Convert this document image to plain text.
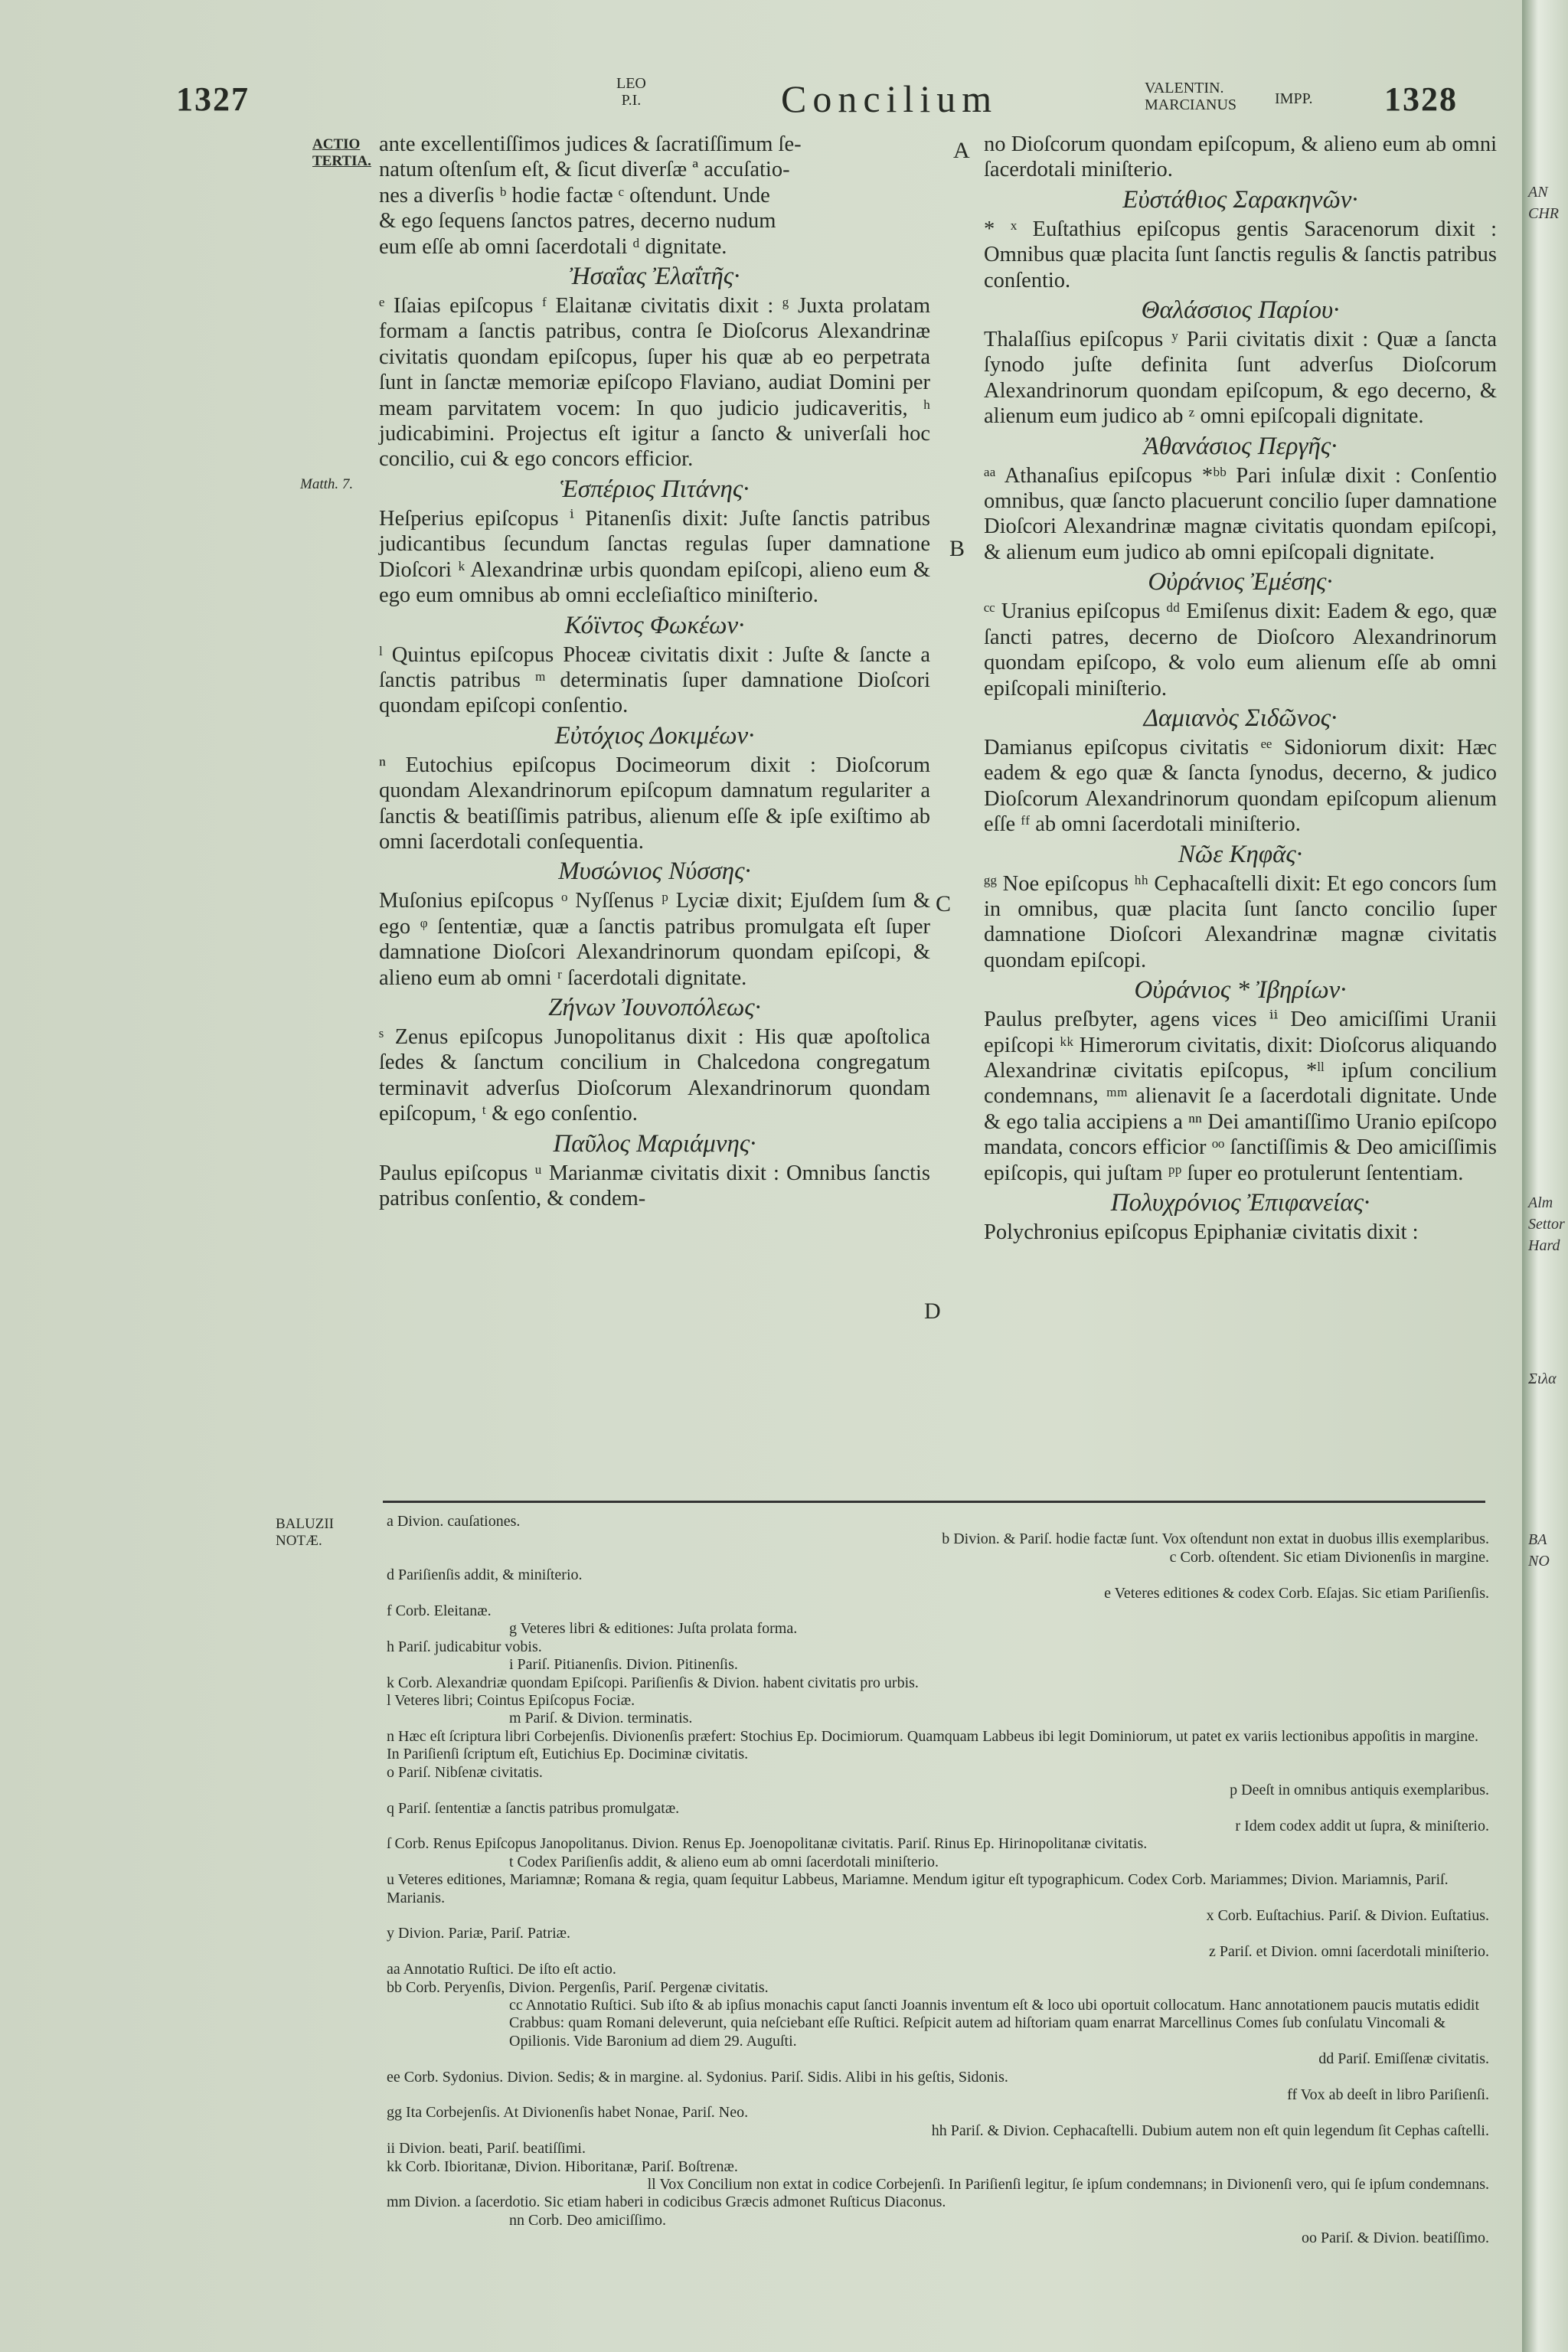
1327	LEO
P.I.	Concilium	VALENTIN.
MARCIANUS IMPP. 1328
ACTIO
TERTIA.
Matth. 7.
A
B
C
D

ante excellentiſſimos judices & ſacratiſſimum ſe-

natum oſtenſum eſt, & ſicut diverſæ ª accuſatio-

nes a diverſis ᵇ hodie factæ ᶜ oſtendunt. Unde

& ego ſequens ſanctos patres, decerno nudum

eum eſſe ab omni ſacerdotali ᵈ dignitate.

Ἠσαΐας Ἐλαΐτῆς·

ᵉ Iſaias epiſcopus ᶠ Elaitanæ civitatis dixit : ᵍ Juxta prolatam formam a ſanctis patribus, contra ſe Dioſcorus Alexandrinæ civitatis quondam epiſcopus, ſuper his quæ ab eo perpetrata ſunt in ſanctæ memoriæ epiſcopo Flaviano, audiat Domini per meam parvitatem vocem: In quo judicio judicaveritis, ʰ judicabimini. Projectus eſt igitur a ſancto & univerſali hoc concilio, cui & ego concors efficior.

Ἑσπέριος Πιτάνης·

Heſperius epiſcopus ⁱ Pitanenſis dixit: Juſte ſanctis patribus judicantibus ſecundum ſanctas regulas ſuper damnatione Dioſcori ᵏ Alexandrinæ urbis quondam epiſcopi, alieno eum & ego eum omnibus ab omni eccleſiaſtico miniſterio.

Κόϊντος Φωκέων·

ˡ Quintus epiſcopus Phoceæ civitatis dixit : Juſte & ſancte a ſanctis patribus ᵐ determinatis ſuper damnatione Dioſcori quondam epiſcopi conſentio.

Εὐτόχιος Δοκιμέων·

ⁿ Eutochius epiſcopus Docimeorum dixit : Dioſcorum quondam Alexandrinorum epiſcopum damnatum regulariter a ſanctis & beatiſſimis patribus, alienum eſſe & ipſe exiſtimo ab omni ſacerdotali conſequentia.

Μυσώνιος Νύσσης·

Muſonius epiſcopus ᵒ Nyſſenus ᵖ Lyciæ dixit; Ejuſdem ſum & ego ᵠ ſententiæ, quæ a ſanctis patribus promulgata eſt ſuper damnatione Dioſcori Alexandrinorum quondam epiſcopi, & alieno eum ab omni ʳ ſacerdotali dignitate.

Ζήνων Ἰουνοπόλεως·

ˢ Zenus epiſcopus Junopolitanus dixit : His quæ apoſtolica ſedes & ſanctum concilium in Chalcedona congregatum terminavit adverſus Dioſcorum Alexandrinorum quondam epiſcopum, ᵗ & ego conſentio.

Παῦλος Μαριάμνης·

Paulus epiſcopus ᵘ Marianmæ civitatis dixit : Omnibus ſanctis patribus conſentio, & condem-

no Dioſcorum quondam epiſcopum, & alieno eum ab omni ſacerdotali miniſterio.

Εὐστάθιος Σαρακηνῶν·

* ˣ Euſtathius epiſcopus gentis Saracenorum dixit : Omnibus quæ placita ſunt ſanctis regulis & ſanctis patribus conſentio.

Θαλάσσιος Παρίου·

Thalaſſius epiſcopus ʸ Parii civitatis dixit : Quæ a ſancta ſynodo juſte definita ſunt adverſus Dioſcorum Alexandrinorum quondam epiſcopum, & ego decerno, & alienum eum judico ab ᶻ omni epiſcopali dignitate.

Ἀθανάσιος Περγῆς·

ᵃᵃ Athanaſius epiſcopus *ᵇᵇ Pari inſulæ dixit : Conſentio omnibus, quæ ſancto placuerunt concilio ſuper damnatione Dioſcori Alexandrinæ magnæ civitatis quondam epiſcopi, & alienum eum judico ab omni epiſcopali dignitate.

Οὐράνιος Ἐμέσης·

ᶜᶜ Uranius epiſcopus ᵈᵈ Emiſenus dixit: Eadem & ego, quæ ſancti patres, decerno de Dioſcoro Alexandrinorum quondam epiſcopo, & volo eum alienum eſſe ab omni epiſcopali miniſterio.

Δαμιανὸς Σιδῶνος·

Damianus epiſcopus civitatis ᵉᵉ Sidoniorum dixit: Hæc eadem & ego quæ & ſancta ſynodus, decerno, & judico Dioſcorum Alexandrinorum quondam epiſcopum alienum eſſe ᶠᶠ ab omni ſacerdotali miniſterio.

Νῶε Κηφᾶς·

ᵍᵍ Noe epiſcopus ʰʰ Cephacaſtelli dixit: Et ego concors ſum in omnibus, quæ placita ſunt ſancto concilio ſuper damnatione Dioſcori Alexandrinæ magnæ civitatis quondam epiſcopi.

Οὐράνιος * Ἰβηρίων·

Paulus preſbyter, agens vices ⁱⁱ Deo amiciſſimi Uranii epiſcopi ᵏᵏ Himerorum civitatis, dixit: Dioſcorus aliquando Alexandrinæ civitatis epiſcopus, *ˡˡ ipſum concilium condemnans, ᵐᵐ alienavit ſe a ſacerdotali dignitate. Unde & ego talia accipiens a ⁿⁿ Dei amantiſſimo Uranio epiſcopo mandata, concors efficior ᵒᵒ ſanctiſſimis & Deo amiciſſimis epiſcopis, qui juſtam ᵖᵖ ſuper eo protulerunt ſententiam.

Πολυχρόνιος Ἐπιφανείας·

Polychronius epiſcopus Epiphaniæ civitatis dixit :

BALUZII
NOTÆ.

a Divion. cauſationes.

b Divion. & Pariſ. hodie factæ ſunt. Vox oſtendunt non extat in duobus illis exemplaribus.

c Corb. oſtendent. Sic etiam Divionenſis in margine.

d Pariſienſis addit, & miniſterio.

e Veteres editiones & codex Corb. Eſajas. Sic etiam Pariſienſis.

f Corb. Eleitanæ.

g Veteres libri & editiones: Juſta prolata forma.

h Pariſ. judicabitur vobis.

i Pariſ. Pitianenſis. Divion. Pitinenſis.

k Corb. Alexandriæ quondam Epiſcopi. Pariſienſis & Divion. habent civitatis pro urbis.

l Veteres libri; Cointus Epiſcopus Fociæ.

m Pariſ. & Divion. terminatis.

n Hæc eſt ſcriptura libri Corbejenſis. Divionenſis præfert: Stochius Ep. Docimiorum. Quamquam Labbeus ibi legit Dominiorum, ut patet ex variis lectionibus appoſitis in margine. In Pariſienſi ſcriptum eſt, Eutichius Ep. Dociminæ civitatis.

o Pariſ. Nibſenæ civitatis.

p Deeſt in omnibus antiquis exemplaribus.

q Pariſ. ſententiæ a ſanctis patribus promulgatæ.

r Idem codex addit ut ſupra, & miniſterio.

ſ Corb. Renus Epiſcopus Janopolitanus. Divion. Renus Ep. Joenopolitanæ civitatis. Pariſ. Rinus Ep. Hirinopolitanæ civitatis.

t Codex Pariſienſis addit, & alieno eum ab omni ſacerdotali miniſterio.

u Veteres editiones, Mariamnæ; Romana & regia, quam ſequitur Labbeus, Mariamne. Mendum igitur eſt typographicum. Codex Corb. Mariammes; Divion. Mariamnis, Pariſ. Marianis.

x Corb. Euſtachius. Pariſ. & Divion. Euſtatius.

y Divion. Pariæ, Pariſ. Patriæ.

z Pariſ. et Divion. omni ſacerdotali miniſterio.

aa Annotatio Ruſtici. De iſto eſt actio.

bb Corb. Peryenſis, Divion. Pergenſis, Pariſ. Pergenæ civitatis.

cc Annotatio Ruſtici. Sub iſto & ab ipſius monachis caput ſancti Joannis inventum eſt & loco ubi oportuit collocatum. Hanc annotationem paucis mutatis edidit Crabbus: quam Romani deleverunt, quia neſciebant eſſe Ruſtici. Reſpicit autem ad hiſtoriam quam enarrat Marcellinus Comes ſub conſulatu Vincomali & Opilionis. Vide Baronium ad diem 29. Auguſti.

dd Pariſ. Emiſſenæ civitatis.

ee Corb. Sydonius. Divion. Sedis; & in margine. al. Sydonius. Pariſ. Sidis. Alibi in his geſtis, Sidonis.

ff Vox ab deeſt in libro Pariſienſi.

gg Ita Corbejenſis. At Divionenſis habet Nonae, Pariſ. Neo.

hh Pariſ. & Divion. Cephacaſtelli. Dubium autem non eſt quin legendum ſit Cephas caſtelli.

ii Divion. beati, Pariſ. beatiſſimi.

kk Corb. Ibioritanæ, Divion. Hiboritanæ, Pariſ. Boſtrenæ.

ll Vox Concilium non extat in codice Corbejenſi. In Pariſienſi legitur, ſe ipſum condemnans; in Divionenſi vero, qui ſe ipſum condemnans.

mm Divion. a ſacerdotio. Sic etiam haberi in codicibus Græcis admonet Ruſticus Diaconus.

nn Corb. Deo amiciſſimo.

oo Pariſ. & Divion. beatiſſimo.

AN
CHR
Alm
Settor
Hard
Σιλα
BA
NO
